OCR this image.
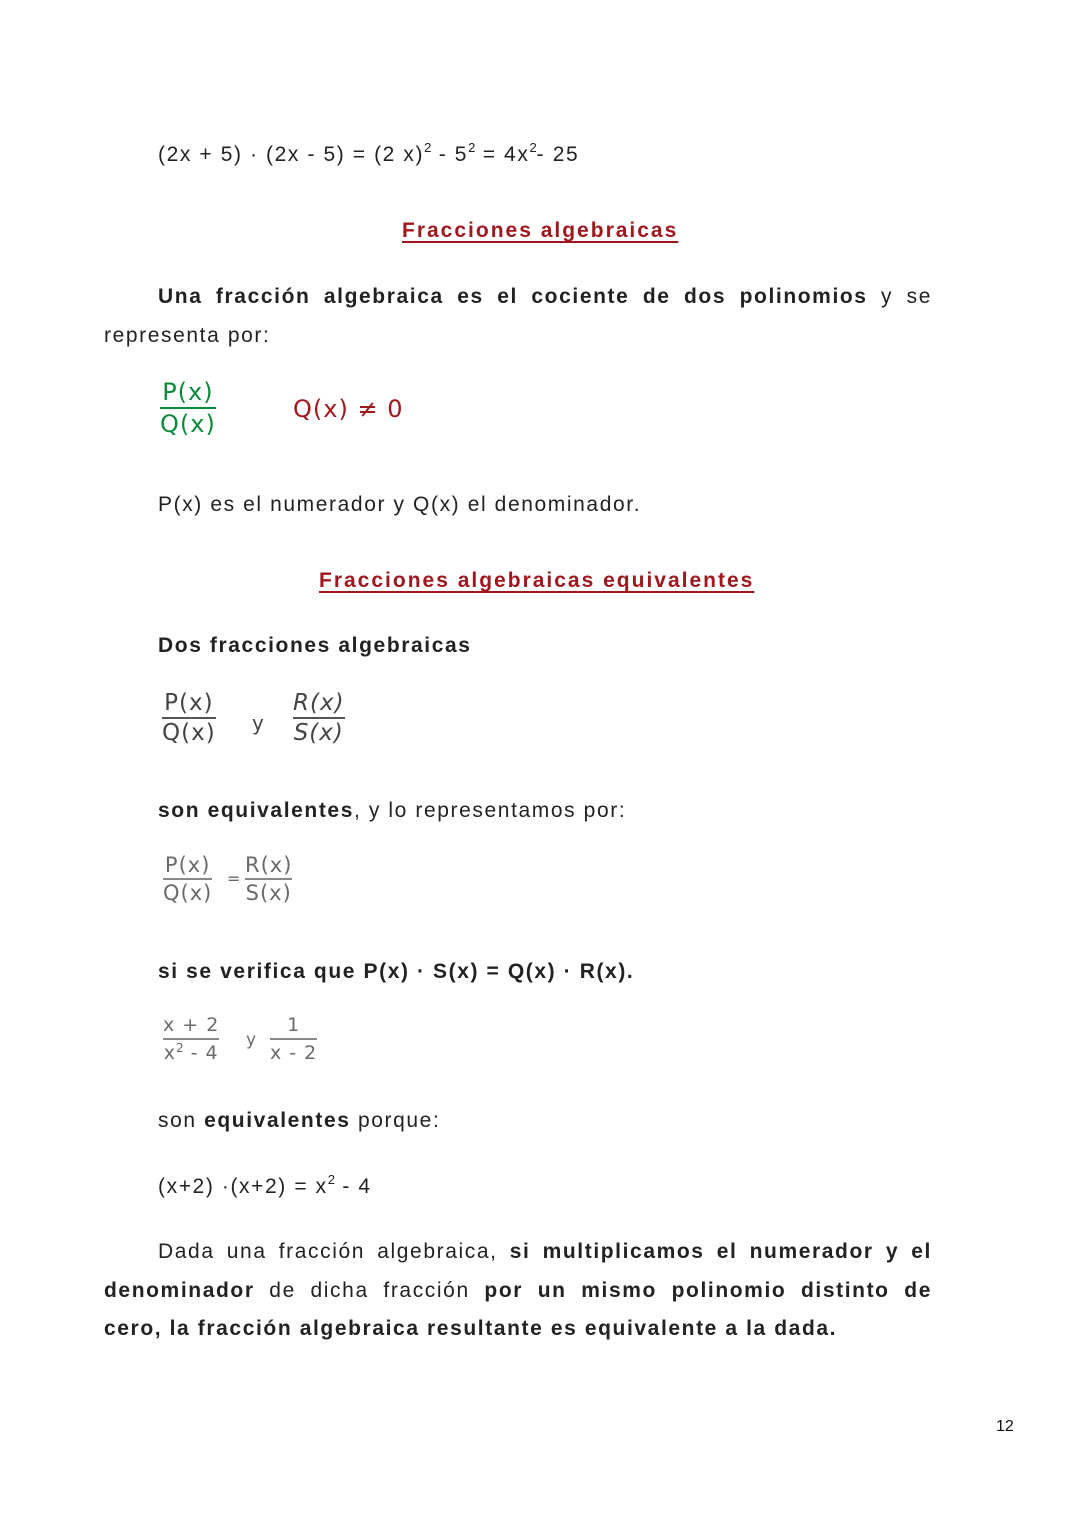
(2x + 5) · (2x - 5) = (2 $x)^2 - 5^2 = 4x^2-$ 25
Fracciones algebraicas
Una fracción algebraica es el cociente de dos polinomios y se representa por:
P(x)
Q(x)
Q(x) ≠ 0
P(x) es el numerador y Q(x) el denominador.
Fracciones algebraicas equivalentes
Dos fracciones algebraicas
P(x)
Q(x) y
R(x)
S(x)
son equivalentes, y lo representamos por:
P(x)
Q(x)
=
R(x)
S(x)
si se verifica que P(x) · S(x) = Q(x) · R(x).
x + 2
$x^2 - 4$
y
1
x - 2
son equivalentes porque:
$(x+2) \cdot(x+2) = x^2 - 4$
Dada una fracción algebraica, si multiplicamos el numerador y el denominador de dicha fracción por un mismo polinomio distinto de cero, la fracción algebraica resultante es equivalente a la dada.
12
